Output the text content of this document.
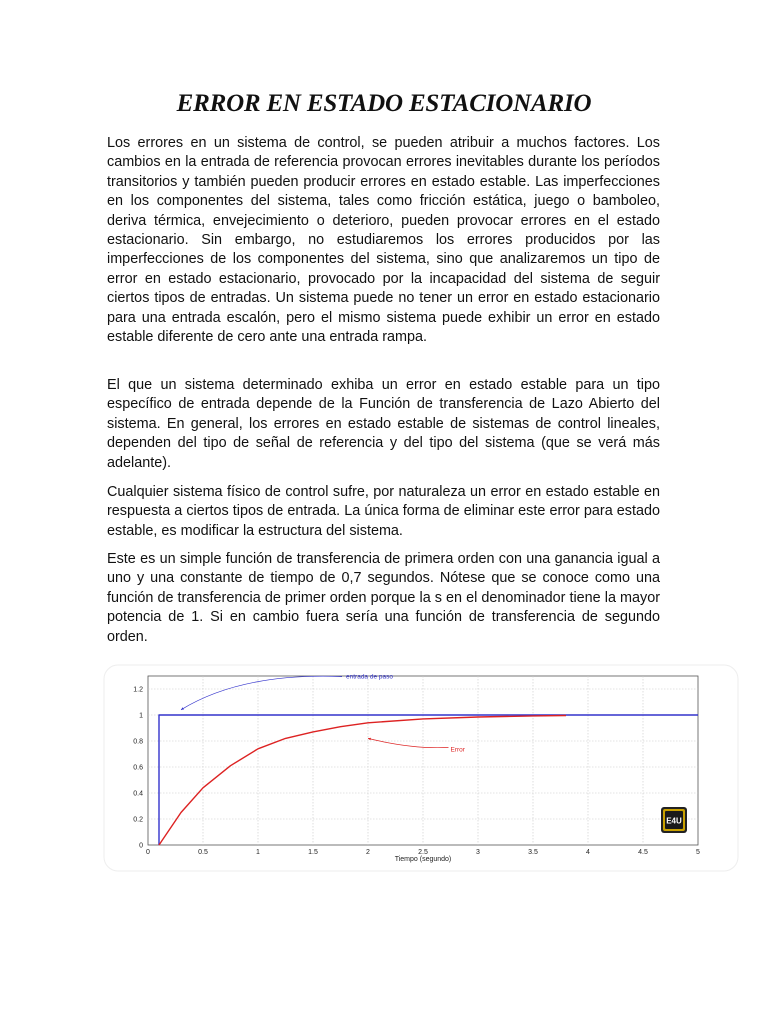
ERROR EN ESTADO ESTACIONARIO

Los errores en un sistema de control, se pueden atribuir a muchos factores. Los cambios en la entrada de referencia provocan errores inevitables durante los períodos transitorios y también pueden producir errores en estado estable. Las imperfecciones en los componentes del sistema, tales como fricción estática, juego o bamboleo, deriva térmica, envejecimiento o deterioro, pueden provocar errores en el estado estacionario. Sin embargo, no estudiaremos los errores producidos por las imperfecciones de los componentes del sistema, sino que analizaremos un tipo de error en estado estacionario, provocado por la incapacidad del sistema de seguir ciertos tipos de entradas. Un sistema puede no tener un error en estado estacionario para una entrada escalón, pero el mismo sistema puede exhibir un error en estado estable diferente de cero ante una entrada rampa.

El que un sistema determinado exhiba un error en estado estable para un tipo específico de entrada depende de la Función de transferencia de Lazo Abierto del sistema. En general, los errores en estado estable de sistemas de control lineales, dependen del tipo de señal de referencia y del tipo del sistema (que se verá más adelante).

Cualquier sistema físico de control sufre, por naturaleza un error en estado estable en respuesta a ciertos tipos de entrada. La única forma de eliminar este error para estado estable, es modificar la estructura del sistema.

Este es un simple función de transferencia de primera orden con una ganancia igual a uno y una constante de tiempo de 0,7 segundos. Nótese que se conoce como una función de transferencia de primer orden porque la s en el denominador tiene la mayor potencia de 1. Si en cambio fuera sería una función de transferencia de segundo orden.

0	0.5	1	1.5	2	2.5	3	3.5	4	4.5	5
0
0.2
0.4
0.6
0.8
1
1.2
entrada de paso
Error
Tiempo (segundo)
E4U
